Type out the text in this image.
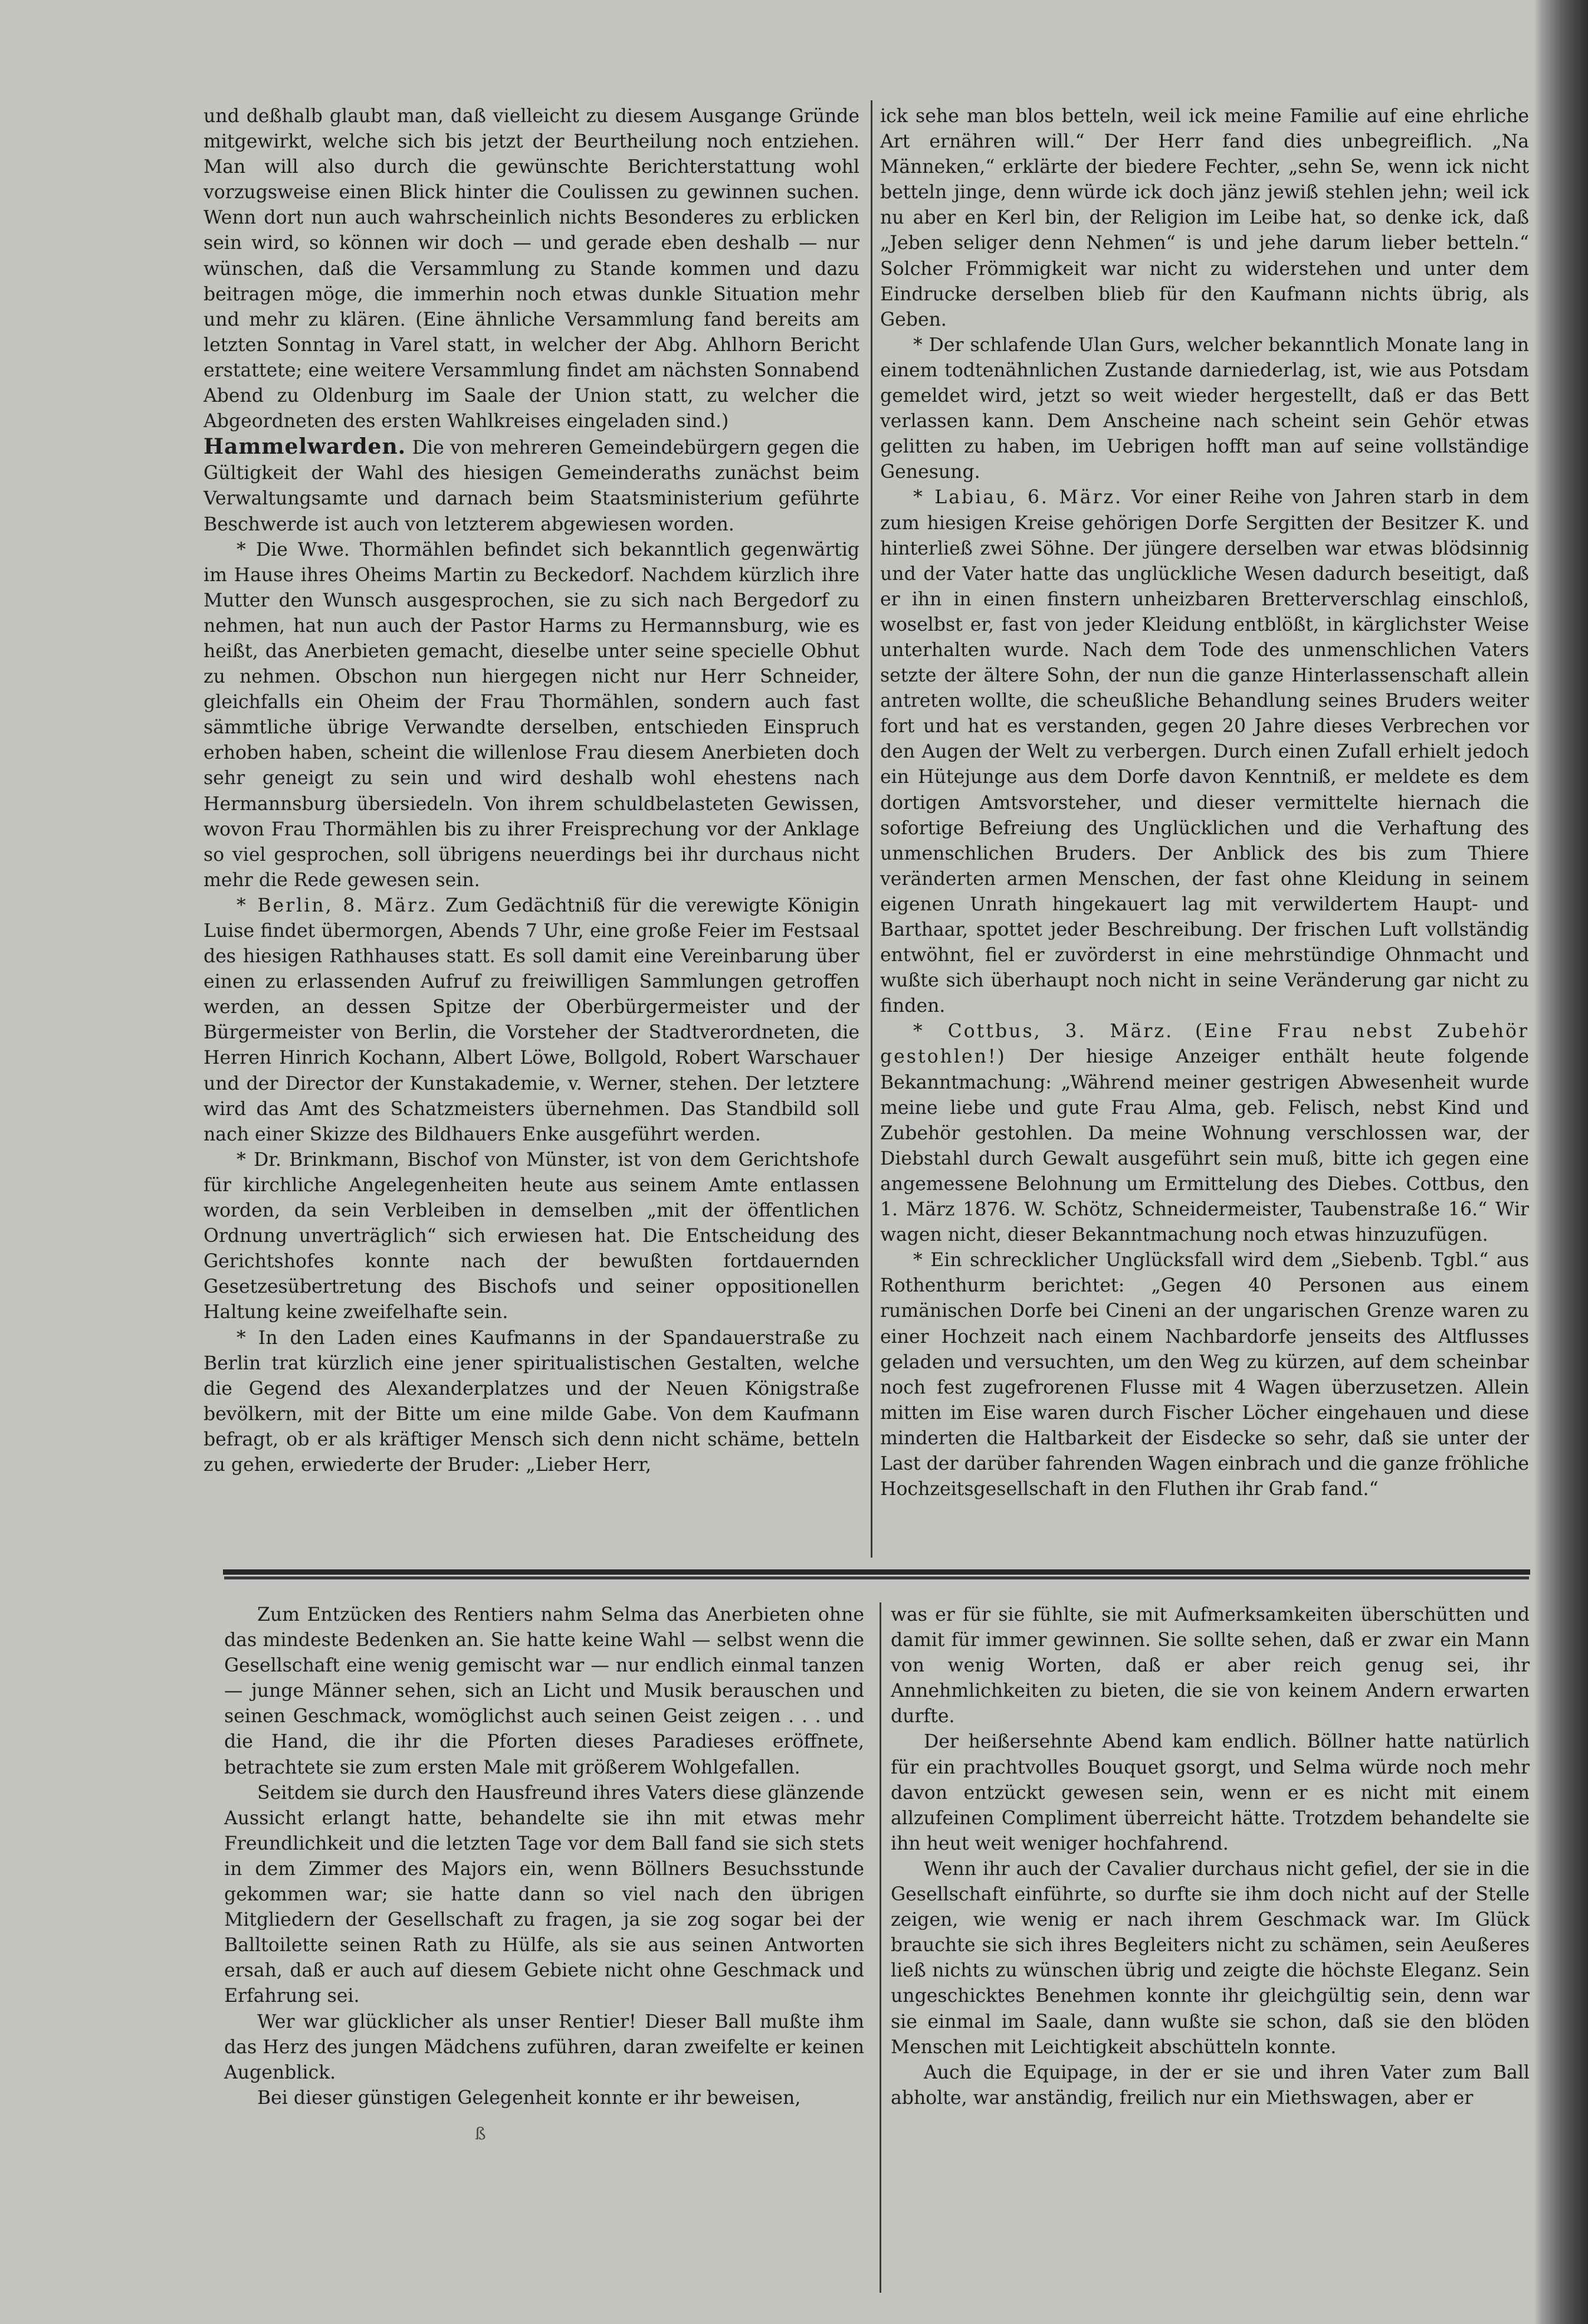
und deßhalb glaubt man, daß vielleicht zu diesem Ausgange Gründe mitgewirkt, welche sich bis jetzt der Beurtheilung noch entziehen. Man will also durch die gewünschte Berichterstattung wohl vorzugsweise einen Blick hinter die Coulissen zu gewinnen suchen. Wenn dort nun auch wahrscheinlich nichts Besonderes zu erblicken sein wird, so können wir doch — und gerade eben deshalb — nur wünschen, daß die Versammlung zu Stande kommen und dazu beitragen möge, die immerhin noch etwas dunkle Situation mehr und mehr zu klären. (Eine ähnliche Versammlung fand bereits am letzten Sonntag in Varel statt, in welcher der Abg. Ahlhorn Bericht erstattete; eine weitere Versammlung findet am nächsten Sonnabend Abend zu Oldenburg im Saale der Union statt, zu welcher die Abgeordneten des ersten Wahlkreises eingeladen sind.)

Hammelwarden. Die von mehreren Gemeindebürgern gegen die Gültigkeit der Wahl des hiesigen Gemeinderaths zunächst beim Verwaltungsamte und darnach beim Staatsministerium geführte Beschwerde ist auch von letzterem abgewiesen worden.

* Die Wwe. Thormählen befindet sich bekanntlich gegenwärtig im Hause ihres Oheims Martin zu Beckedorf. Nachdem kürzlich ihre Mutter den Wunsch ausgesprochen, sie zu sich nach Bergedorf zu nehmen, hat nun auch der Pastor Harms zu Hermannsburg, wie es heißt, das Anerbieten gemacht, dieselbe unter seine specielle Obhut zu nehmen. Obschon nun hiergegen nicht nur Herr Schneider, gleichfalls ein Oheim der Frau Thormählen, sondern auch fast sämmtliche übrige Verwandte derselben, entschieden Einspruch erhoben haben, scheint die willenlose Frau diesem Anerbieten doch sehr geneigt zu sein und wird deshalb wohl ehestens nach Hermannsburg übersiedeln. Von ihrem schuldbelasteten Gewissen, wovon Frau Thormählen bis zu ihrer Freisprechung vor der Anklage so viel gesprochen, soll übrigens neuerdings bei ihr durchaus nicht mehr die Rede gewesen sein.

* Berlin, 8. März. Zum Gedächtniß für die verewigte Königin Luise findet übermorgen, Abends 7 Uhr, eine große Feier im Festsaal des hiesigen Rathhauses statt. Es soll damit eine Vereinbarung über einen zu erlassenden Aufruf zu freiwilligen Sammlungen getroffen werden, an dessen Spitze der Oberbürgermeister und der Bürgermeister von Berlin, die Vorsteher der Stadtverordneten, die Herren Hinrich Kochann, Albert Löwe, Bollgold, Robert Warschauer und der Director der Kunstakademie, v. Werner, stehen. Der letztere wird das Amt des Schatzmeisters übernehmen. Das Standbild soll nach einer Skizze des Bildhauers Enke ausgeführt werden.

* Dr. Brinkmann, Bischof von Münster, ist von dem Gerichtshofe für kirchliche Angelegenheiten heute aus seinem Amte entlassen worden, da sein Verbleiben in demselben „mit der öffentlichen Ordnung unverträglich“ sich erwiesen hat. Die Entscheidung des Gerichtshofes konnte nach der bewußten fortdauernden Gesetzesübertretung des Bischofs und seiner oppositionellen Haltung keine zweifelhafte sein.

* In den Laden eines Kaufmanns in der Spandauerstraße zu Berlin trat kürzlich eine jener spiritualistischen Gestalten, welche die Gegend des Alexanderplatzes und der Neuen Königstraße bevölkern, mit der Bitte um eine milde Gabe. Von dem Kaufmann befragt, ob er als kräftiger Mensch sich denn nicht schäme, betteln zu gehen, erwiederte der Bruder: „Lieber Herr,

ick sehe man blos betteln, weil ick meine Familie auf eine ehrliche Art ernähren will.“ Der Herr fand dies unbegreiflich. „Na Männeken,“ erklärte der biedere Fechter, „sehn Se, wenn ick nicht betteln jinge, denn würde ick doch jänz jewiß stehlen jehn; weil ick nu aber en Kerl bin, der Religion im Leibe hat, so denke ick, daß „Jeben seliger denn Nehmen“ is und jehe darum lieber betteln.“ Solcher Frömmigkeit war nicht zu widerstehen und unter dem Eindrucke derselben blieb für den Kaufmann nichts übrig, als Geben.

* Der schlafende Ulan Gurs, welcher bekanntlich Monate lang in einem todtenähnlichen Zustande darniederlag, ist, wie aus Potsdam gemeldet wird, jetzt so weit wieder hergestellt, daß er das Bett verlassen kann. Dem Anscheine nach scheint sein Gehör etwas gelitten zu haben, im Uebrigen hofft man auf seine vollständige Genesung.

* Labiau, 6. März. Vor einer Reihe von Jahren starb in dem zum hiesigen Kreise gehörigen Dorfe Sergitten der Besitzer K. und hinterließ zwei Söhne. Der jüngere derselben war etwas blödsinnig und der Vater hatte das unglückliche Wesen dadurch beseitigt, daß er ihn in einen finstern unheizbaren Bretterverschlag einschloß, woselbst er, fast von jeder Kleidung entblößt, in kärglichster Weise unterhalten wurde. Nach dem Tode des unmenschlichen Vaters setzte der ältere Sohn, der nun die ganze Hinterlassenschaft allein antreten wollte, die scheußliche Behandlung seines Bruders weiter fort und hat es verstanden, gegen 20 Jahre dieses Verbrechen vor den Augen der Welt zu verbergen. Durch einen Zufall erhielt jedoch ein Hütejunge aus dem Dorfe davon Kenntniß, er meldete es dem dortigen Amtsvorsteher, und dieser vermittelte hiernach die sofortige Befreiung des Unglücklichen und die Verhaftung des unmenschlichen Bruders. Der Anblick des bis zum Thiere veränderten armen Menschen, der fast ohne Kleidung in seinem eigenen Unrath hingekauert lag mit verwildertem Haupt- und Barthaar, spottet jeder Beschreibung. Der frischen Luft vollständig entwöhnt, fiel er zuvörderst in eine mehrstündige Ohnmacht und wußte sich überhaupt noch nicht in seine Veränderung gar nicht zu finden.

* Cottbus, 3. März. (Eine Frau nebst Zubehör gestohlen!) Der hiesige Anzeiger enthält heute folgende Bekanntmachung: „Während meiner gestrigen Abwesenheit wurde meine liebe und gute Frau Alma, geb. Felisch, nebst Kind und Zubehör gestohlen. Da meine Wohnung verschlossen war, der Diebstahl durch Gewalt ausgeführt sein muß, bitte ich gegen eine angemessene Belohnung um Ermittelung des Diebes. Cottbus, den 1. März 1876. W. Schötz, Schneidermeister, Taubenstraße 16.“ Wir wagen nicht, dieser Bekanntmachung noch etwas hinzuzufügen.

* Ein schrecklicher Unglücksfall wird dem „Siebenb. Tgbl.“ aus Rothenthurm berichtet: „Gegen 40 Personen aus einem rumänischen Dorfe bei Cineni an der ungarischen Grenze waren zu einer Hochzeit nach einem Nachbardorfe jenseits des Altflusses geladen und versuchten, um den Weg zu kürzen, auf dem scheinbar noch fest zugefrorenen Flusse mit 4 Wagen überzusetzen. Allein mitten im Eise waren durch Fischer Löcher eingehauen und diese minderten die Haltbarkeit der Eisdecke so sehr, daß sie unter der Last der darüber fahrenden Wagen einbrach und die ganze fröhliche Hochzeitsgesellschaft in den Fluthen ihr Grab fand.“

Zum Entzücken des Rentiers nahm Selma das Anerbieten ohne das mindeste Bedenken an. Sie hatte keine Wahl — selbst wenn die Gesellschaft eine wenig gemischt war — nur endlich einmal tanzen — junge Männer sehen, sich an Licht und Musik berauschen und seinen Geschmack, womöglichst auch seinen Geist zeigen . . . und die Hand, die ihr die Pforten dieses Paradieses eröffnete, betrachtete sie zum ersten Male mit größerem Wohlgefallen.

Seitdem sie durch den Hausfreund ihres Vaters diese glänzende Aussicht erlangt hatte, behandelte sie ihn mit etwas mehr Freundlichkeit und die letzten Tage vor dem Ball fand sie sich stets in dem Zimmer des Majors ein, wenn Böllners Besuchsstunde gekommen war; sie hatte dann so viel nach den übrigen Mitgliedern der Gesellschaft zu fragen, ja sie zog sogar bei der Balltoilette seinen Rath zu Hülfe, als sie aus seinen Antworten ersah, daß er auch auf diesem Gebiete nicht ohne Geschmack und Erfahrung sei.

Wer war glücklicher als unser Rentier! Dieser Ball mußte ihm das Herz des jungen Mädchens zuführen, daran zweifelte er keinen Augenblick.

Bei dieser günstigen Gelegenheit konnte er ihr beweisen,

was er für sie fühlte, sie mit Aufmerksamkeiten überschütten und damit für immer gewinnen. Sie sollte sehen, daß er zwar ein Mann von wenig Worten, daß er aber reich genug sei, ihr Annehmlichkeiten zu bieten, die sie von keinem Andern erwarten durfte.

Der heißersehnte Abend kam endlich. Böllner hatte natürlich für ein prachtvolles Bouquet gsorgt, und Selma würde noch mehr davon entzückt gewesen sein, wenn er es nicht mit einem allzufeinen Compliment überreicht hätte. Trotzdem behandelte sie ihn heut weit weniger hochfahrend.

Wenn ihr auch der Cavalier durchaus nicht gefiel, der sie in die Gesellschaft einführte, so durfte sie ihm doch nicht auf der Stelle zeigen, wie wenig er nach ihrem Geschmack war. Im Glück brauchte sie sich ihres Begleiters nicht zu schämen, sein Aeußeres ließ nichts zu wünschen übrig und zeigte die höchste Eleganz. Sein ungeschicktes Benehmen konnte ihr gleichgültig sein, denn war sie einmal im Saale, dann wußte sie schon, daß sie den blöden Menschen mit Leichtigkeit abschütteln konnte.

Auch die Equipage, in der er sie und ihren Vater zum Ball abholte, war anständig, freilich nur ein Miethswagen, aber er

ß
